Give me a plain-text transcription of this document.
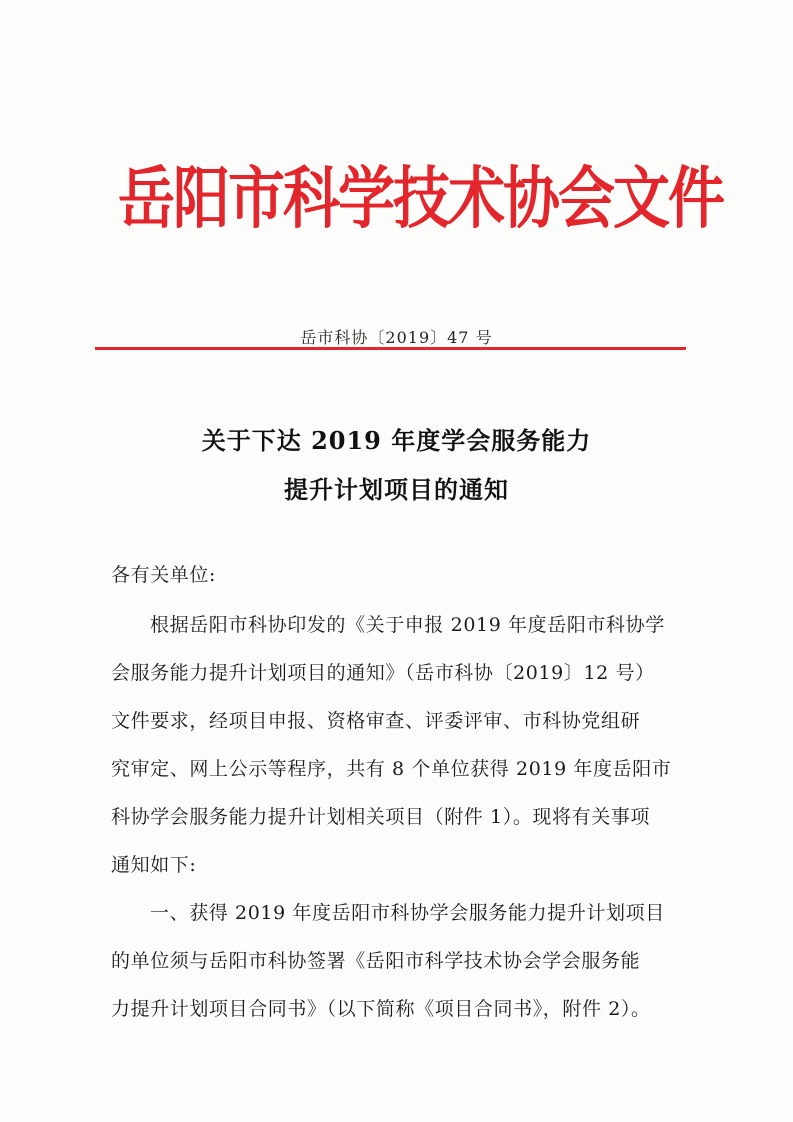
岳阳市科学技术协会文件
岳市科协〔2019〕47 号
关于下达 2019 年度学会服务能力
提升计划项目的通知
各有关单位:
根据岳阳市科协印发的《关于申报 2019 年度岳阳市科协学
会服务能力提升计划项目的通知》（岳市科协〔2019〕12 号）
文件要求，经项目申报、资格审查、评委评审、市科协党组研
究审定、网上公示等程序，共有 8 个单位获得 2019 年度岳阳市
科协学会服务能力提升计划相关项目（附件 1）。现将有关事项
通知如下:
一、获得 2019 年度岳阳市科协学会服务能力提升计划项目
的单位须与岳阳市科协签署《岳阳市科学技术协会学会服务能
力提升计划项目合同书》（以下简称《项目合同书》，附件 2）。
